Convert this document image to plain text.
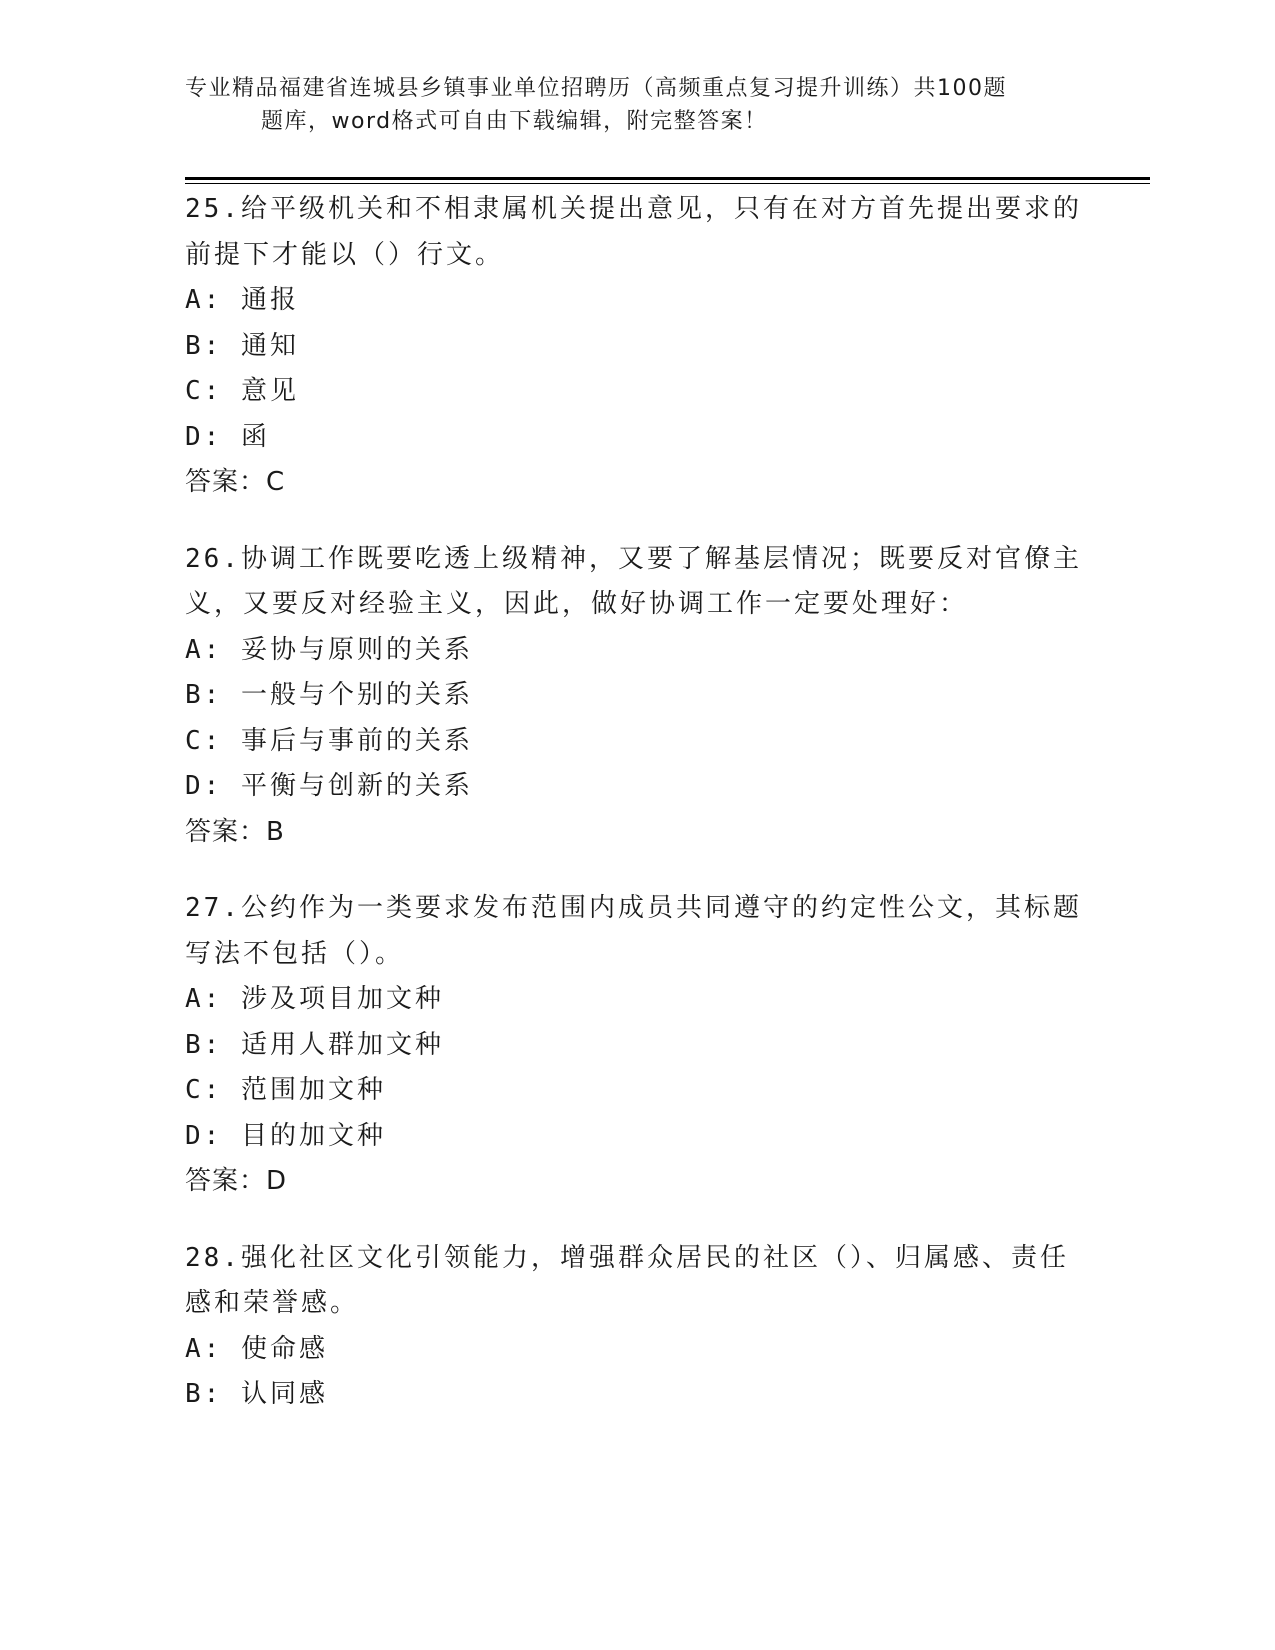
专业精品福建省连城县乡镇事业单位招聘历（高频重点复习提升训练）共100题
题库，word格式可自由下载编辑，附完整答案！
25.给平级机关和不相隶属机关提出意见，只有在对方首先提出要求的前提下才能以（）行文。
A: 通报
B: 通知
C: 意见
D: 函
答案：C
26.协调工作既要吃透上级精神，又要了解基层情况；既要反对官僚主义，又要反对经验主义，因此，做好协调工作一定要处理好：
A: 妥协与原则的关系
B: 一般与个别的关系
C: 事后与事前的关系
D: 平衡与创新的关系
答案：B
27.公约作为一类要求发布范围内成员共同遵守的约定性公文，其标题写法不包括（）。
A: 涉及项目加文种
B: 适用人群加文种
C: 范围加文种
D: 目的加文种
答案：D
28.强化社区文化引领能力，增强群众居民的社区（）、归属感、责任感和荣誉感。
A: 使命感
B: 认同感
